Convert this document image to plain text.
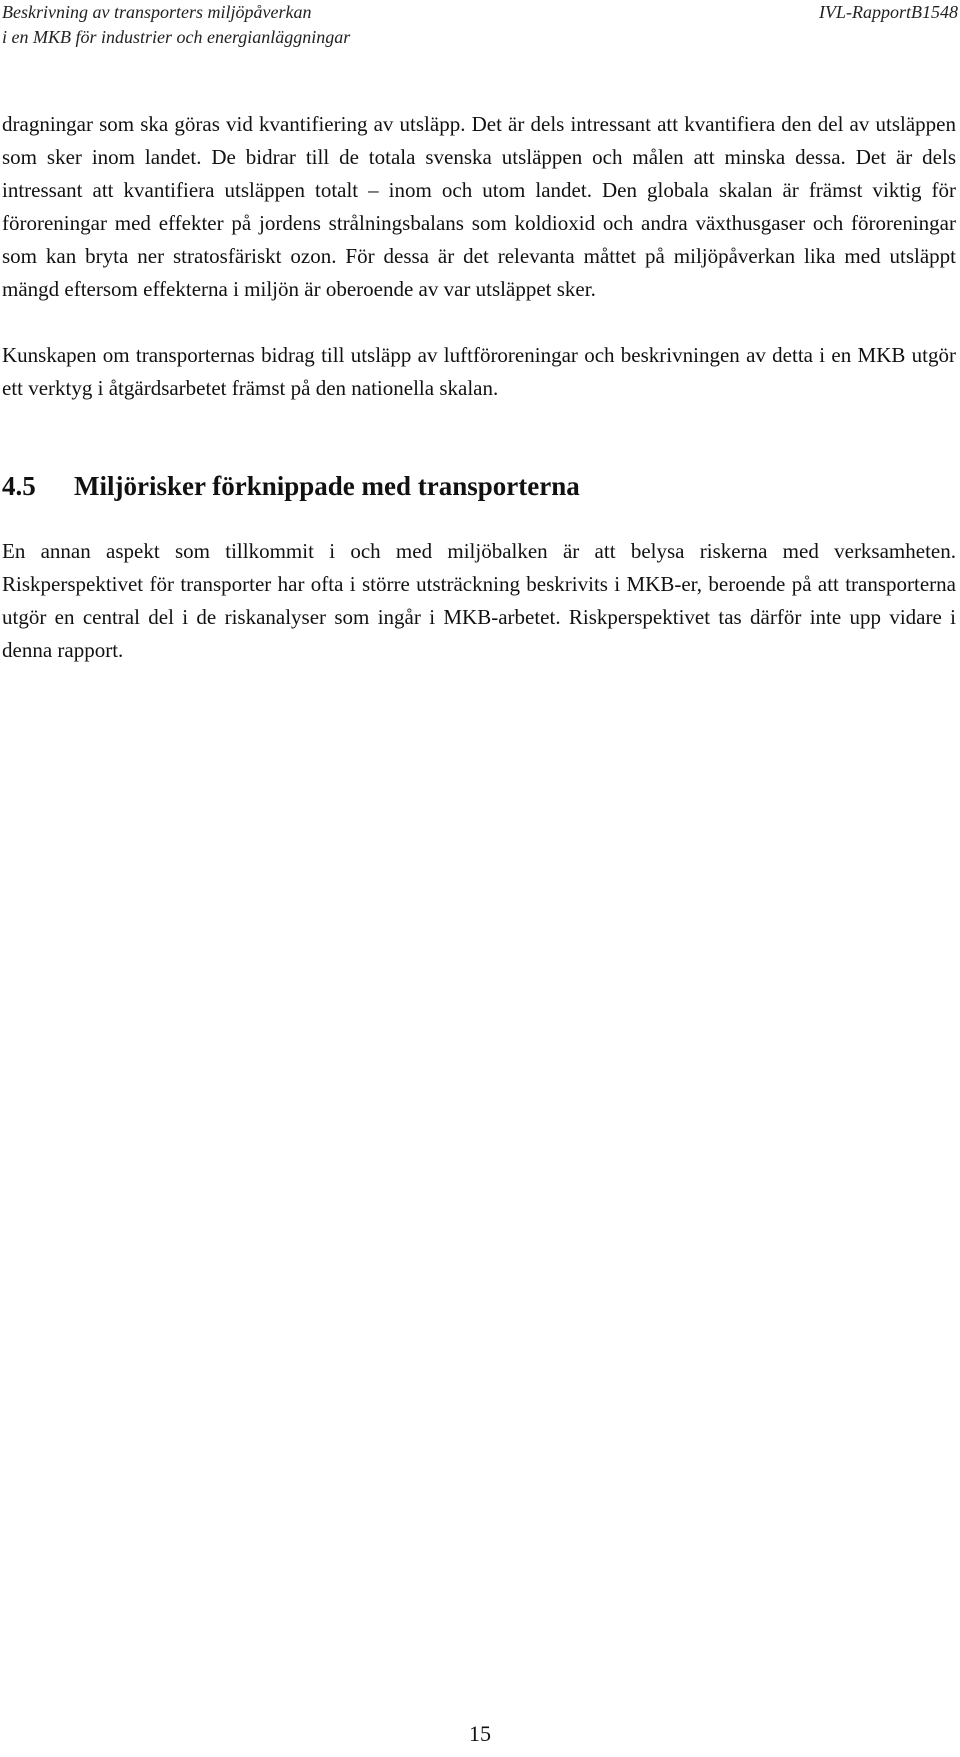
Beskrivning av transporters miljöpåverkan
i en MKB för industrier och energianläggningar
IVL-RapportB1548

dragningar som ska göras vid kvantifiering av utsläpp. Det är dels intressant att kvantifiera den del av utsläppen som sker inom landet. De bidrar till de totala svenska utsläppen och målen att minska dessa. Det är dels intressant att kvantifiera utsläppen totalt – inom och utom landet. Den globala skalan är främst viktig för föroreningar med effekter på jordens strålningsbalans som koldioxid och andra växthusgaser och föroreningar som kan bryta ner stratosfäriskt ozon. För dessa är det relevanta måttet på miljöpåverkan lika med utsläppt mängd eftersom effekterna i miljön är oberoende av var utsläppet sker.

Kunskapen om transporternas bidrag till utsläpp av luftföroreningar och beskrivningen av detta i en MKB utgör ett verktyg i åtgärdsarbetet främst på den nationella skalan.

4.5	Miljörisker förknippade med transporterna

En annan aspekt som tillkommit i och med miljöbalken är att belysa riskerna med verksamheten. Riskperspektivet för transporter har ofta i större utsträckning beskrivits i MKB-er, beroende på att transporterna utgör en central del i de riskanalyser som ingår i MKB-arbetet. Riskperspektivet tas därför inte upp vidare i denna rapport.

15
